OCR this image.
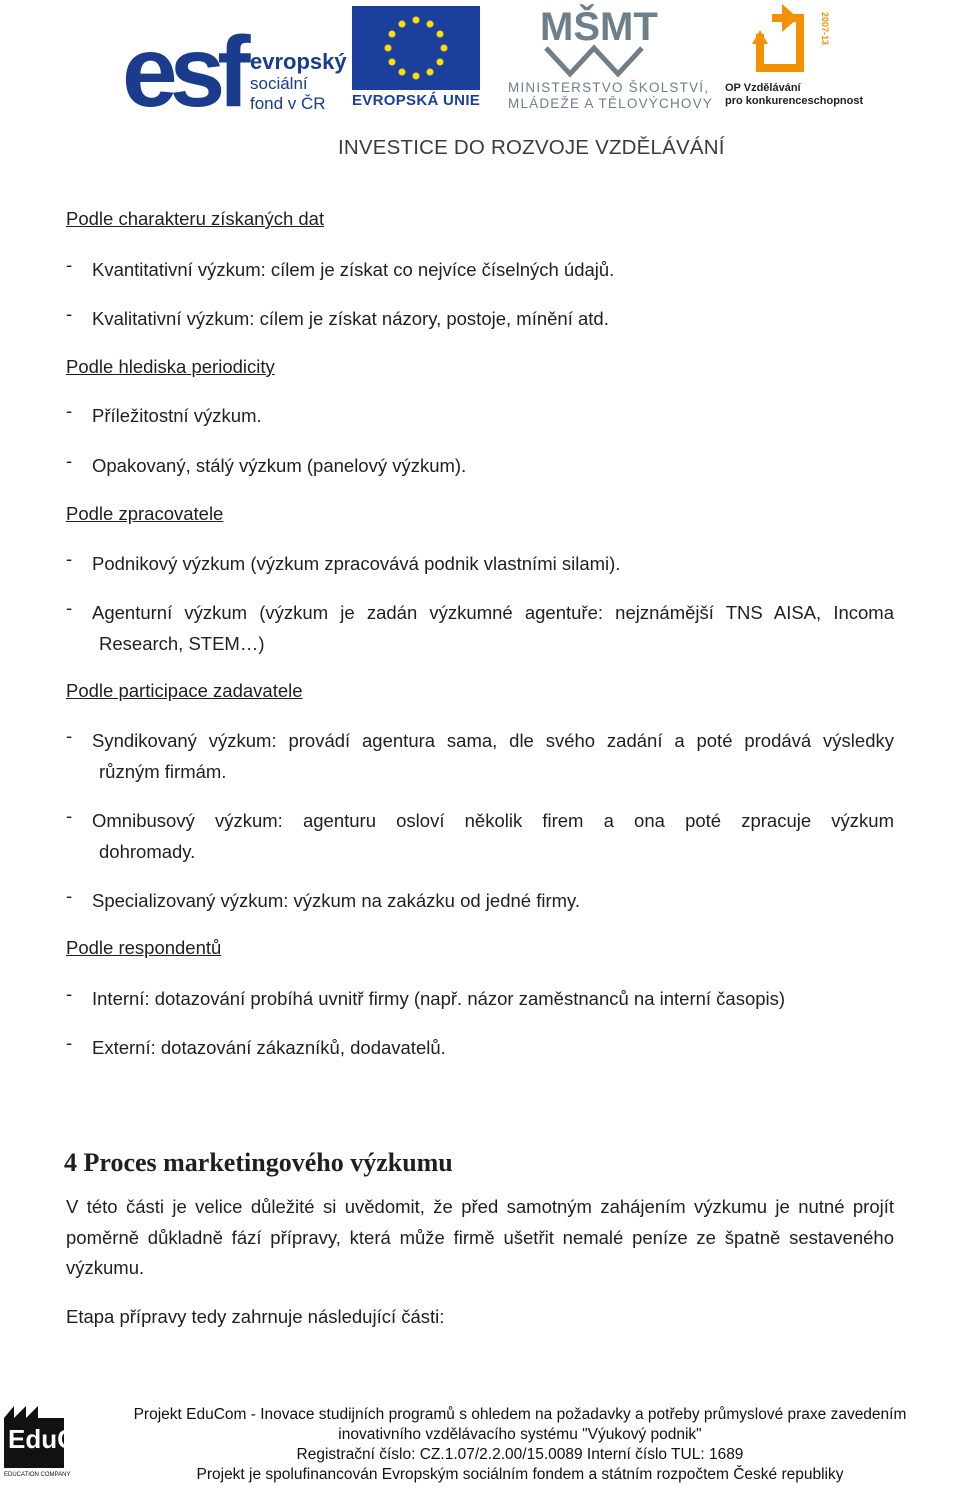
esf evropský
sociální
fond v ČR	EVROPSKÁ UNIE
MŠMT
MINISTERSTVO ŠKOLSTVÍ,
MLÁDEŽE A TĚLOVÝCHOVY
2007-13
OP Vzdělávání
pro konkurenceschopnost
INVESTICE DO ROZVOJE VZDĚLÁVÁNÍ
Podle charakteru získaných dat
-	Kvantitativní výzkum: cílem je získat co nejvíce číselných údajů.
-	Kvalitativní výzkum: cílem je získat názory, postoje, mínění atd.
Podle hlediska periodicity
-	Příležitostní výzkum.
-	Opakovaný, stálý výzkum (panelový výzkum).
Podle zpracovatele
-	Podnikový výzkum (výzkum zpracovává podnik vlastními silami).
-	Agenturní výzkum (výzkum je zadán výzkumné agentuře: nejznámější TNS AISA, Incoma
Research, STEM…)
Podle participace zadavatele
-	Syndikovaný výzkum: provádí agentura sama, dle svého zadání a poté prodává výsledky
různým firmám.
-	Omnibusový výzkum: agenturu osloví několik firem a ona poté zpracuje výzkum
dohromady.
-	Specializovaný výzkum: výzkum na zakázku od jedné firmy.
Podle respondentů
-	Interní: dotazování probíhá uvnitř firmy (např. názor zaměstnanců na interní časopis)
-	Externí: dotazování zákazníků, dodavatelů.
4 Proces marketingového výzkumu
V této části je velice důležité si uvědomit, že před samotným zahájením výzkumu je nutné projít poměrně důkladně fází přípravy, která může firmě ušetřit nemalé peníze ze špatně sestaveného výzkumu.
Etapa přípravy tedy zahrnuje následující části:
EduCom
EDUCATION COMPANY
Projekt EduCom - Inovace studijních programů s ohledem na požadavky a potřeby průmyslové praxe zavedením
inovativního vzdělávacího systému "Výukový podnik"
Registrační číslo: CZ.1.07/2.2.00/15.0089 Interní číslo TUL: 1689
Projekt je spolufinancován Evropským sociálním fondem a státním rozpočtem České republiky
